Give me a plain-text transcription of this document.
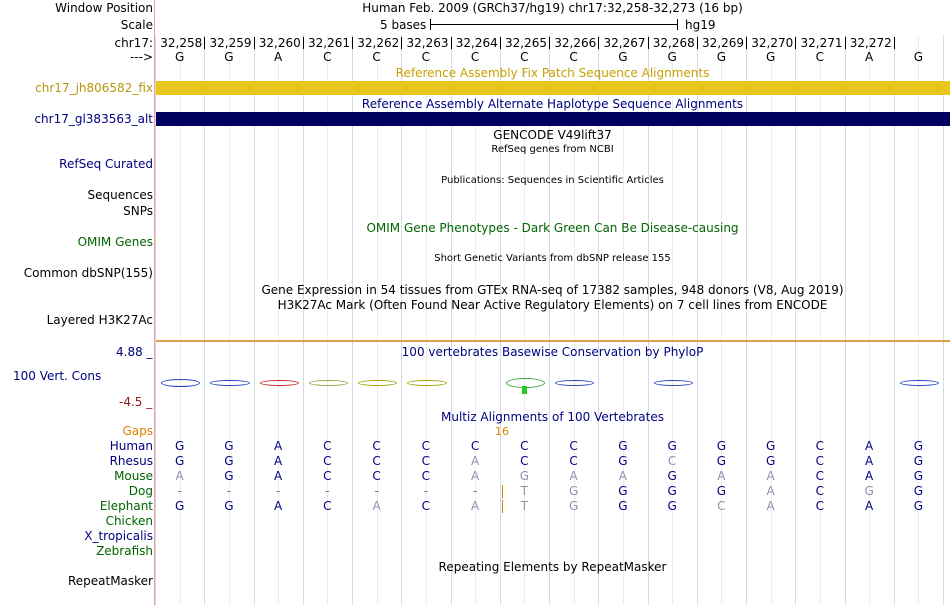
Window Position	Human Feb. 2009 (GRCh37/hg19) chr17:32,258-32,273 (16 bp)
Scale	5 bases	hg19
chr17: 32,258 32,259 32,260 32,261 32,262 32,263 32,264 32,265 32,266 32,267 32,268 32,269 32,270 32,271 32,272
---> G	G	A	C	C	C	C	C	C	G	G	G	G	C	A	G
Reference Assembly Fix Patch Sequence Alignments
chr17_jh806582_fix
Reference Assembly Alternate Haplotype Sequence Alignments
chr17_gl383563_alt
GENCODE V49lift37
RefSeq genes from NCBI
RefSeq Curated
Publications: Sequences in Scientific Articles
Sequences
SNPs
OMIM Gene Phenotypes - Dark Green Can Be Disease-causing
OMIM Genes
Short Genetic Variants from dbSNP release 155
Common dbSNP(155)
Gene Expression in 54 tissues from GTEx RNA-seq of 17382 samples, 948 donors (V8, Aug 2019)
H3K27Ac Mark (Often Found Near Active Regulatory Elements) on 7 cell lines from ENCODE
Layered H3K27Ac
100 vertebrates Basewise Conservation by PhyloP
4.88 _
100 Vert. Cons
-4.5 _
Multiz Alignments of 100 Vertebrates
Gaps	16
Human G	G	A	C	C	C	C	C	C	G	G	G	G	C	A	G
Rhesus G	G	A	C	C	C	A	C	C	G	C	G	G	C	A	G
Mouse A	G	A	C	C	C	A	G	A	A	G	A	A	C	A	G
Dog	-	-	-	-	-	-	-	T	G	G	G	G	A	C	G	G
Elephant G	G	A	C	A	C	A	T	G	G	G	C	A	C	A	G
Chicken
X_tropicalis
Zebrafish
Repeating Elements by RepeatMasker
RepeatMasker
